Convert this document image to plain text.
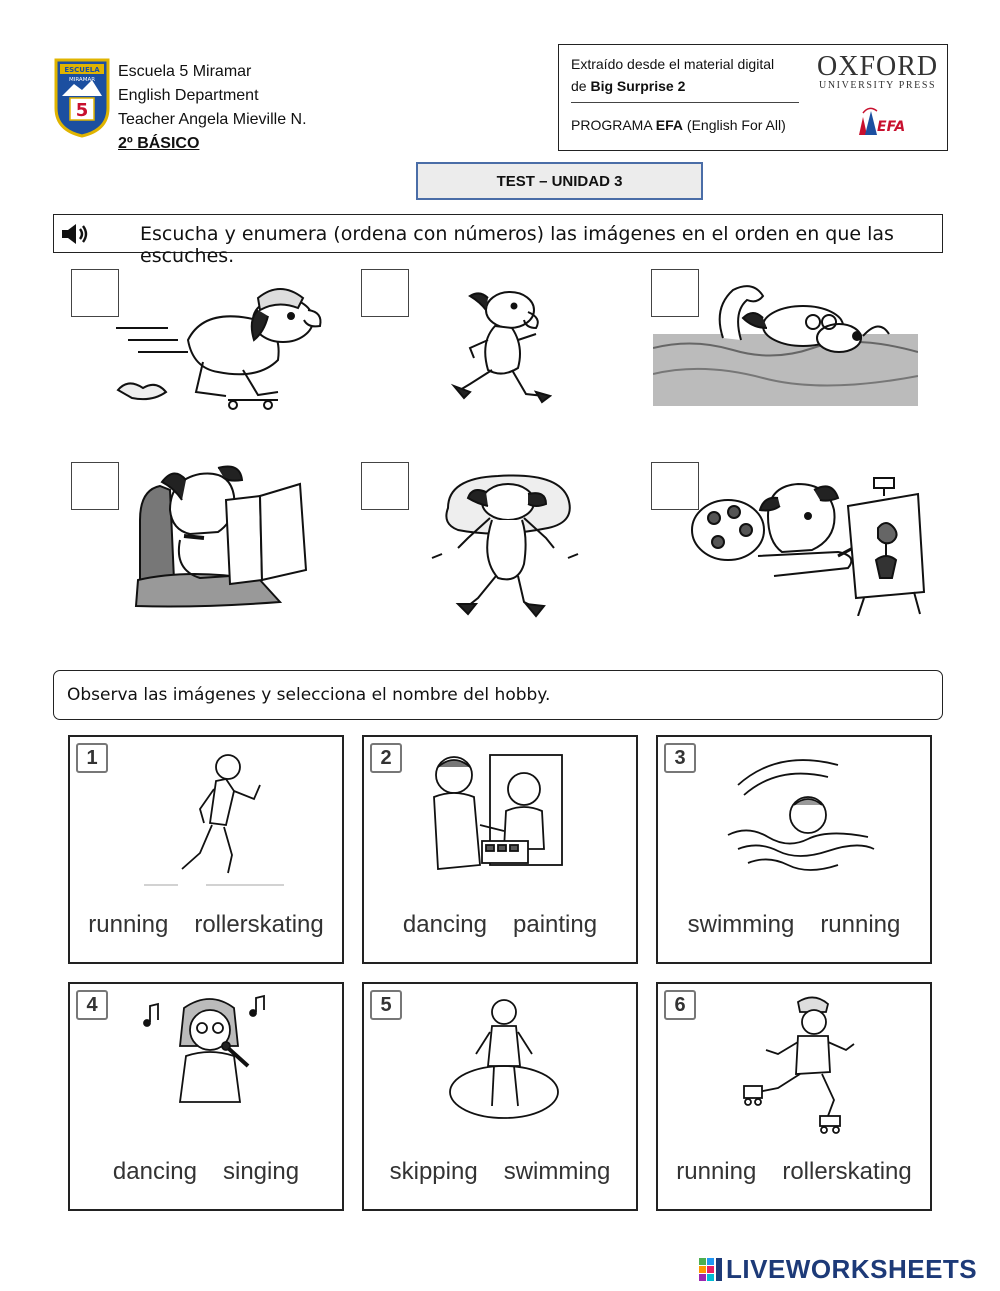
ESCUELA
MIRAMAR
5
Escuela 5 Miramar
English Department
Teacher Angela Mieville N.
2º BÁSICO
Extraído desde el material digital
de Big Surprise 2
PROGRAMA EFA (English For All)
OXFORD
UNIVERSITY PRESS
EFA
TEST – UNIDAD 3
Escucha y enumera (ordena con números) las imágenes en el orden en que las escuches.
Observa las imágenes y selecciona el nombre del hobby.
1
running rollerskating
2
dancing painting
3
swimming running
4
dancing singing
5
skipping swimming
6
running rollerskating
LIVEWORKSHEETS
